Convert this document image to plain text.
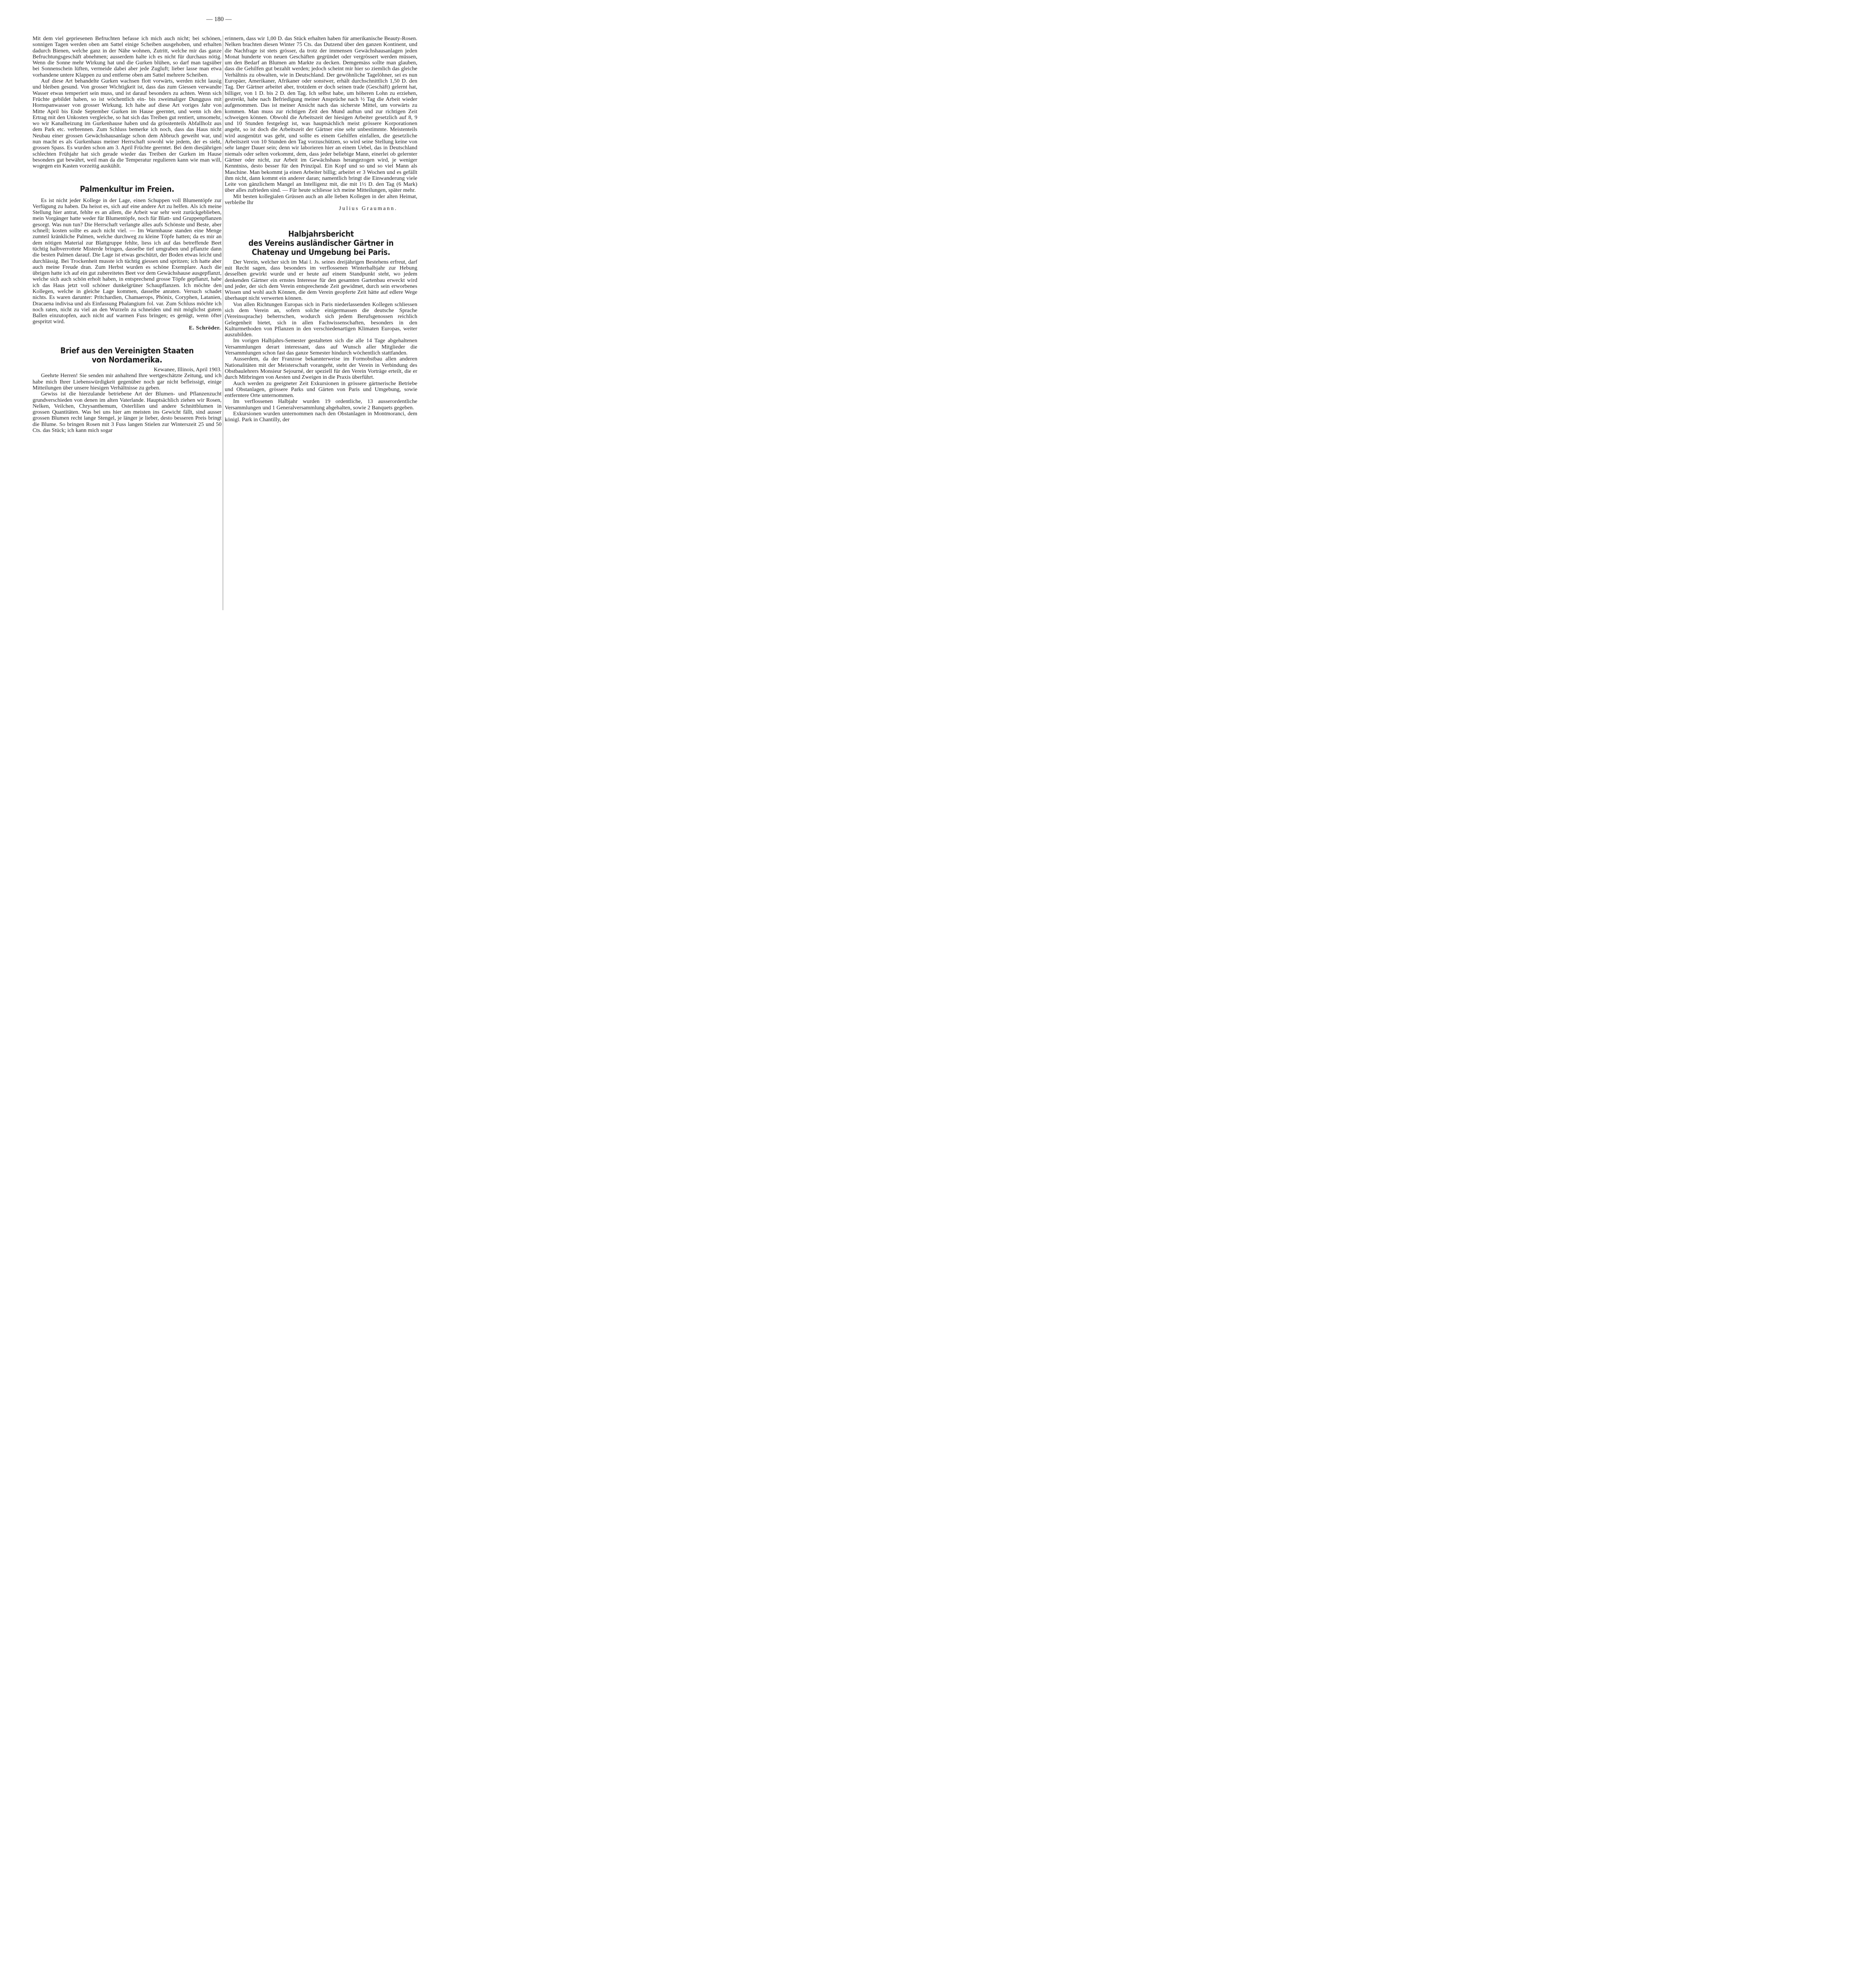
— 180 —

Mit dem viel gepriesenen Befruchten befasse ich mich auch nicht; bei schönen, sonnigen Tagen werden oben am Sattel einige Scheiben ausgehoben, und erhalten dadurch Bienen, welche ganz in der Nähe wohnen, Zutritt, welche mir das ganze Befruchtungsgeschäft abnehmen; ausserdem halte ich es nicht für durchaus nötig. Wenn die Sonne mehr Wirkung hat und die Gurken blühen, so darf man tagsüber bei Sonnenschein lüften, vermeide dabei aber jede Zugluft; lieber lasse man etwa vorhandene untere Klappen zu und entferne oben am Sattel mehrere Scheiben.

Auf diese Art behandelte Gurken wachsen flott vorwärts, werden nicht lausig und bleiben gesund. Von grosser Wichtigkeit ist, dass das zum Giessen verwandte Wasser etwas temperiert sein muss, und ist darauf besonders zu achten. Wenn sich Früchte gebildet haben, so ist wöchentlich ein- bis zweimaliger Dungguss mit Hornspanwasser von grosser Wirkung. Ich habe auf diese Art voriges Jahr von Mitte April bis Ende September Gurken im Hause geerntet, und wenn ich den Ertrag mit den Unkosten vergleiche, so hat sich das Treiben gut rentiert, umsomehr, wo wir Kanalheizung im Gurkenhause haben und da grösstenteils Abfallholz aus dem Park etc. verbrennen. Zum Schluss bemerke ich noch, dass das Haus nicht Neubau einer grossen Gewächshausanlage schon dem Abbruch geweiht war, und nun macht es als Gurkenhaus meiner Herrschaft sowohl wie jedem, der es sieht, grossen Spass. Es wurden schon am 3. April Früchte geerntet. Bei dem diesjährigen schlechten Frühjahr hat sich gerade wieder das Treiben der Gurken im Hause besonders gut bewährt, weil man da die Temperatur regulieren kann wie man will, wogegen ein Kasten vorzeitig auskühlt.

Palmenkultur im Freien.

Es ist nicht jeder Kollege in der Lage, einen Schuppen voll Blumentöpfe zur Verfügung zu haben. Da heisst es, sich auf eine andere Art zu helfen. Als ich meine Stellung hier antrat, fehlte es an allem, die Arbeit war sehr weit zurückgeblieben, mein Vorgänger hatte weder für Blumentöpfe, noch für Blatt- und Gruppenpflanzen gesorgt. Was nun tun? Die Herrschaft verlangte alles aufs Schönste und Beste, aber schnell; kosten sollte es auch nicht viel. — Im Warmhause standen eine Menge zumteil kränkliche Palmen, welche durchweg zu kleine Töpfe hatten; da es mir an dem nötigen Material zur Blattgruppe fehlte, liess ich auf das betreffende Beet tüchtig halbverrottete Misterde bringen, dasselbe tief umgraben und pflanzte dann die besten Palmen darauf. Die Lage ist etwas geschützt, der Boden etwas leicht und durchlässig. Bei Trockenheit musste ich tüchtig giessen und spritzen; ich hatte aber auch meine Freude dran. Zum Herbst wurden es schöne Exemplare. Auch die übrigen hatte ich auf ein gut zubereitetes Beet vor dem Gewächshause ausgepflanzt, welche sich auch schön erholt haben, in entsprechend grosse Töpfe gepflanzt, habe ich das Haus jetzt voll schöner dunkelgrüner Schaupflanzen. Ich möchte den Kollegen, welche in gleiche Lage kommen, dasselbe anraten. Versuch schadet nichts. Es waren darunter: Pritchardien, Chamaerops, Phönix, Coryphen, Latanien, Dracaena indivisa und als Einfassung Phalangium fol. var. Zum Schluss möchte ich noch raten, nicht zu viel an den Wurzeln zu schneiden und mit möglichst gutem Ballen einzutopfen, auch nicht auf warmen Fuss bringen; es genügt, wenn öfter gespritzt wird.

E. Schröder.

Brief aus den Vereinigten Staaten
von Nordamerika.

Kewanee, Illinois, April 1903.

Geehrte Herren! Sie senden mir anhaltend Ihre wertgeschätzte Zeitung, und ich habe mich Ihrer Liebenswürdigkeit gegenüber noch gar nicht befleissigt, einige Mitteilungen über unsere hiesigen Verhältnisse zu geben.

Gewiss ist die hierzulande betriebene Art der Blumen- und Pflanzenzucht grundverschieden von denen im alten Vaterlande. Hauptsächlich ziehen wir Rosen, Nelken, Veilchen, Chrysanthemum, Osterlilien und andere Schnittblumen in grossen Quantitäten. Was bei uns hier am meisten ins Gewicht fällt, sind ausser grossen Blumen recht lange Stengel, je länger je lieber, desto besseren Preis bringt die Blume. So bringen Rosen mit 3 Fuss langen Stielen zur Winterszeit 25 und 50 Cts. das Stück; ich kann mich sogar

erinnern, dass wir 1,00 D. das Stück erhalten haben für amerikanische Beauty-Rosen. Nelken brachten diesen Winter 75 Cts. das Dutzend über den ganzen Kontinent, und die Nachfrage ist stets grösser, da trotz der immensen Gewächshausanlagen jeden Monat hunderte von neuen Geschäften gegründet oder vergrössert werden müssen, um den Bedarf an Blumen am Markte zu decken. Demgemäss sollte man glauben, dass die Gehilfen gut bezahlt werden; jedoch scheint mir hier so ziemlich das gleiche Verhältnis zu obwalten, wie in Deutschland. Der gewöhnliche Tagelöhner, sei es nun Europäer, Amerikaner, Afrikaner oder sonstwer, erhält durchschnittlich 1,50 D. den Tag. Der Gärtner arbeitet aber, trotzdem er doch seinen trade (Geschäft) gelernt hat, billiger, von 1 D. bis 2 D. den Tag. Ich selbst habe, um höheren Lohn zu erziehen, gestreikt, habe nach Befriedigung meiner Ansprüche nach ½ Tag die Arbeit wieder aufgenommen. Das ist meiner Ansicht nach das sicherste Mittel, um vorwärts zu kommen. Man muss zur richtigen Zeit den Mund auftun und zur richtigen Zeit schweigen können. Obwohl die Arbeitszeit der hiesigen Arbeiter gesetzlich auf 8, 9 und 10 Stunden festgelegt ist, was hauptsächlich meist grössere Korporationen angeht, so ist doch die Arbeitszeit der Gärtner eine sehr unbestimmte. Meistenteils wird ausgenützt was geht, und sollte es einem Gehilfen einfallen, die gesetzliche Arbeitszeit von 10 Stunden den Tag vorzuschützen, so wird seine Stellung keine von sehr langer Dauer sein; denn wir laborieren hier an einem Uebel, das in Deutschland niemals oder selten vorkommt, dem, dass jeder beliebige Mann, einerlei ob gelernter Gärtner oder nicht, zur Arbeit im Gewächshaus herangezogen wird, je weniger Kenntniss, desto besser für den Prinzipal. Ein Kopf und so und so viel Mann als Maschine. Man bekommt ja einen Arbeiter billig; arbeitet er 3 Wochen und es gefällt ihm nicht, dann kommt ein anderer daran; namentlich bringt die Einwanderung viele Leite von gänzlichem Mangel an Intelligenz mit, die mit 1½ D. den Tag (6 Mark) über alles zufrieden sind. — Für heute schliesse ich meine Mitteilungen, später mehr.

Mit besten kollegialen Grüssen auch an alle lieben Kollegen in der alten Heimat, verbleibe Ihr

Julius Graumann.

Halbjahrsbericht
des Vereins ausländischer Gärtner in
Chatenay und Umgebung bei Paris.

Der Verein, welcher sich im Mai l. Js. seines dreijährigen Bestehens erfreut, darf mit Recht sagen, dass besonders im verflossenen Winterhalbjahr zur Hebung desselben gewirkt wurde und er heute auf einem Standpunkt steht, wo jedem denkenden Gärtner ein ernstes Interesse für den gesamten Gartenbau erweckt wird und jeder, der sich dem Verein entsprechende Zeit gewidmet, durch sein erworbenes Wissen und wohl auch Können, die dem Verein geopferte Zeit hätte auf edlere Wege überhaupt nicht verwerten können.

Von allen Richtungen Europas sich in Paris niederlassenden Kollegen schliessen sich dem Verein an, sofern solche einigermassen die deutsche Sprache (Vereinssprache) beherrschen, wodurch sich jedem Berufsgenossen reichlich Gelegenheit bietet, sich in allen Fachwissenschaften, besonders in den Kulturmethoden von Pflanzen in den verschiedenartigen Klimaten Europas, weiter auszubilden.

Im vorigen Halbjahrs-Semester gestalteten sich die alle 14 Tage abgehaltenen Versammlungen derart interessant, dass auf Wunsch aller Mitglieder die Versammlungen schon fast das ganze Semester hindurch wöchentlich stattfanden.

Ausserdem, da der Franzose bekannterweise im Formobstbau allen anderen Nationalitäten mit der Meisterschaft vorangeht, steht der Verein in Verbindung des Obstbaulehrers Monsieur Sejourné, der speziell für den Verein Vorträge erteilt, die er durch Mitbringen von Aesten und Zweigen in die Praxis überführt.

Auch werden zu geeigneter Zeit Exkursionen in grössere gärtnerische Betriebe und Obstanlagen, grössere Parks und Gärten von Paris und Umgebung, sowie entferntere Orte unternommen.

Im verflossenen Halbjahr wurden 19 ordentliche, 13 ausserordentliche Versammlungen und 1 Generalversammlung abgehalten, sowie 2 Banquets gegeben.

Exkursionen wurden unternommen nach den Obstanlagen in Montmoranci, dem königl. Park in Chantilly, der
